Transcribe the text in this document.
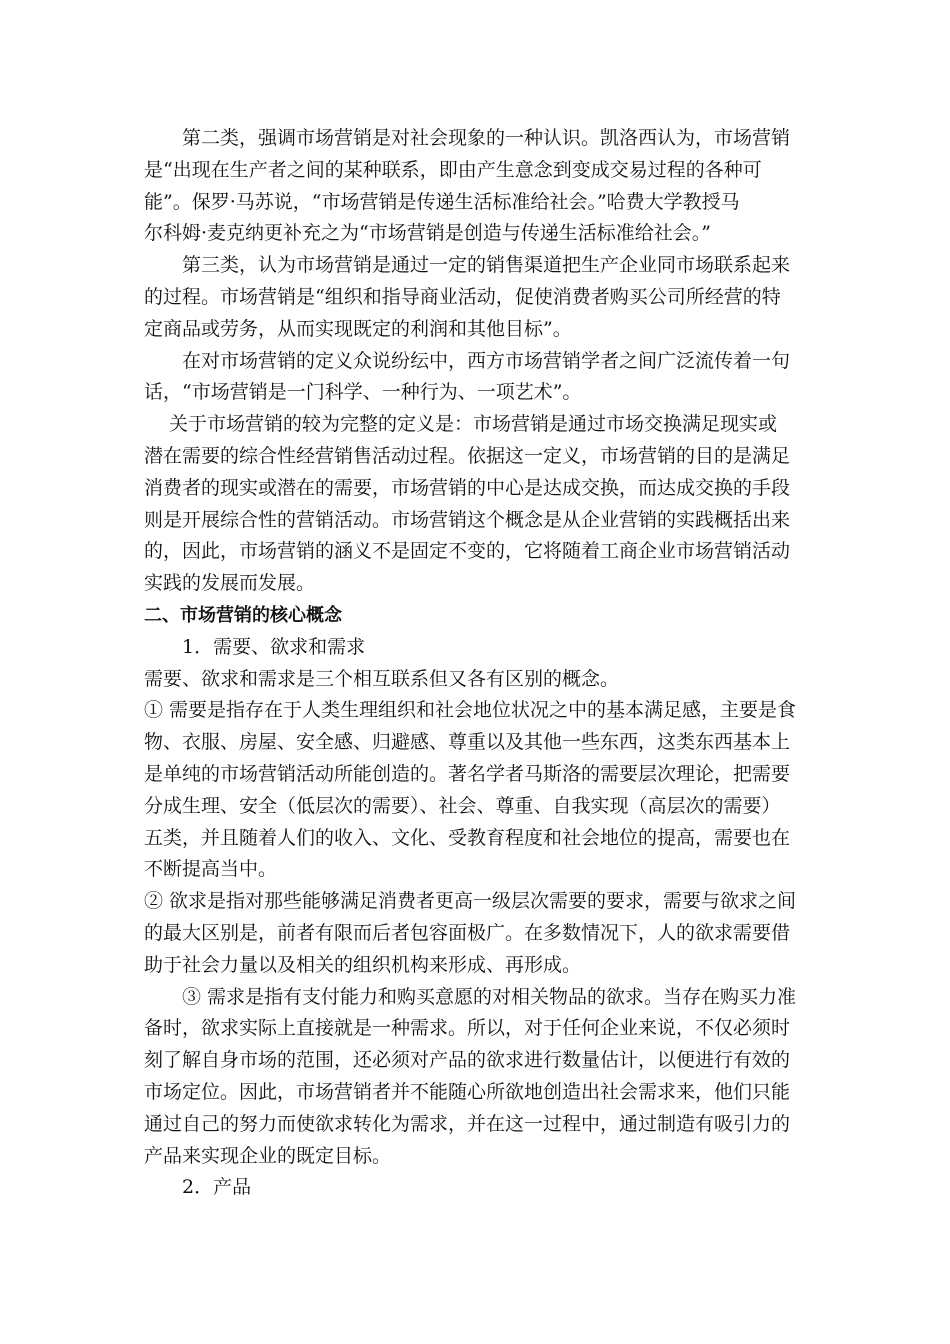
　　第二类，强调市场营销是对社会现象的一种认识。凯洛西认为，市场营销
是“出现在生产者之间的某种联系，即由产生意念到变成交易过程的各种可
能”。保罗·马苏说，“市场营销是传递生活标准给社会。”哈费大学教授马
尔科姆·麦克纳更补充之为“市场营销是创造与传递生活标准给社会。”
　　第三类，认为市场营销是通过一定的销售渠道把生产企业同市场联系起来
的过程。市场营销是“组织和指导商业活动，促使消费者购买公司所经营的特
定商品或劳务，从而实现既定的利润和其他目标”。
　　在对市场营销的定义众说纷纭中，西方市场营销学者之间广泛流传着一句
话，“市场营销是一门科学、一种行为、一项艺术”。
　 关于市场营销的较为完整的定义是：市场营销是通过市场交换满足现实或
潜在需要的综合性经营销售活动过程。依据这一定义，市场营销的目的是满足
消费者的现实或潜在的需要，市场营销的中心是达成交换，而达成交换的手段
则是开展综合性的营销活动。市场营销这个概念是从企业营销的实践概括出来
的，因此，市场营销的涵义不是固定不变的，它将随着工商企业市场营销活动
实践的发展而发展。
二、市场营销的核心概念
　　1．需要、欲求和需求
需要、欲求和需求是三个相互联系但又各有区别的概念。
① 需要是指存在于人类生理组织和社会地位状况之中的基本满足感，主要是食
物、衣服、房屋、安全感、归避感、尊重以及其他一些东西，这类东西基本上
是单纯的市场营销活动所能创造的。著名学者马斯洛的需要层次理论，把需要
分成生理、安全（低层次的需要）、社会、尊重、自我实现（高层次的需要）
五类，并且随着人们的收入、文化、受教育程度和社会地位的提高，需要也在
不断提高当中。
② 欲求是指对那些能够满足消费者更高一级层次需要的要求，需要与欲求之间
的最大区别是，前者有限而后者包容面极广。在多数情况下，人的欲求需要借
助于社会力量以及相关的组织机构来形成、再形成。
　　③ 需求是指有支付能力和购买意愿的对相关物品的欲求。当存在购买力准
备时，欲求实际上直接就是一种需求。所以，对于任何企业来说，不仅必须时
刻了解自身市场的范围，还必须对产品的欲求进行数量估计，以便进行有效的
市场定位。因此，市场营销者并不能随心所欲地创造出社会需求来，他们只能
通过自己的努力而使欲求转化为需求，并在这一过程中，通过制造有吸引力的
产品来实现企业的既定目标。
　　2．产品
